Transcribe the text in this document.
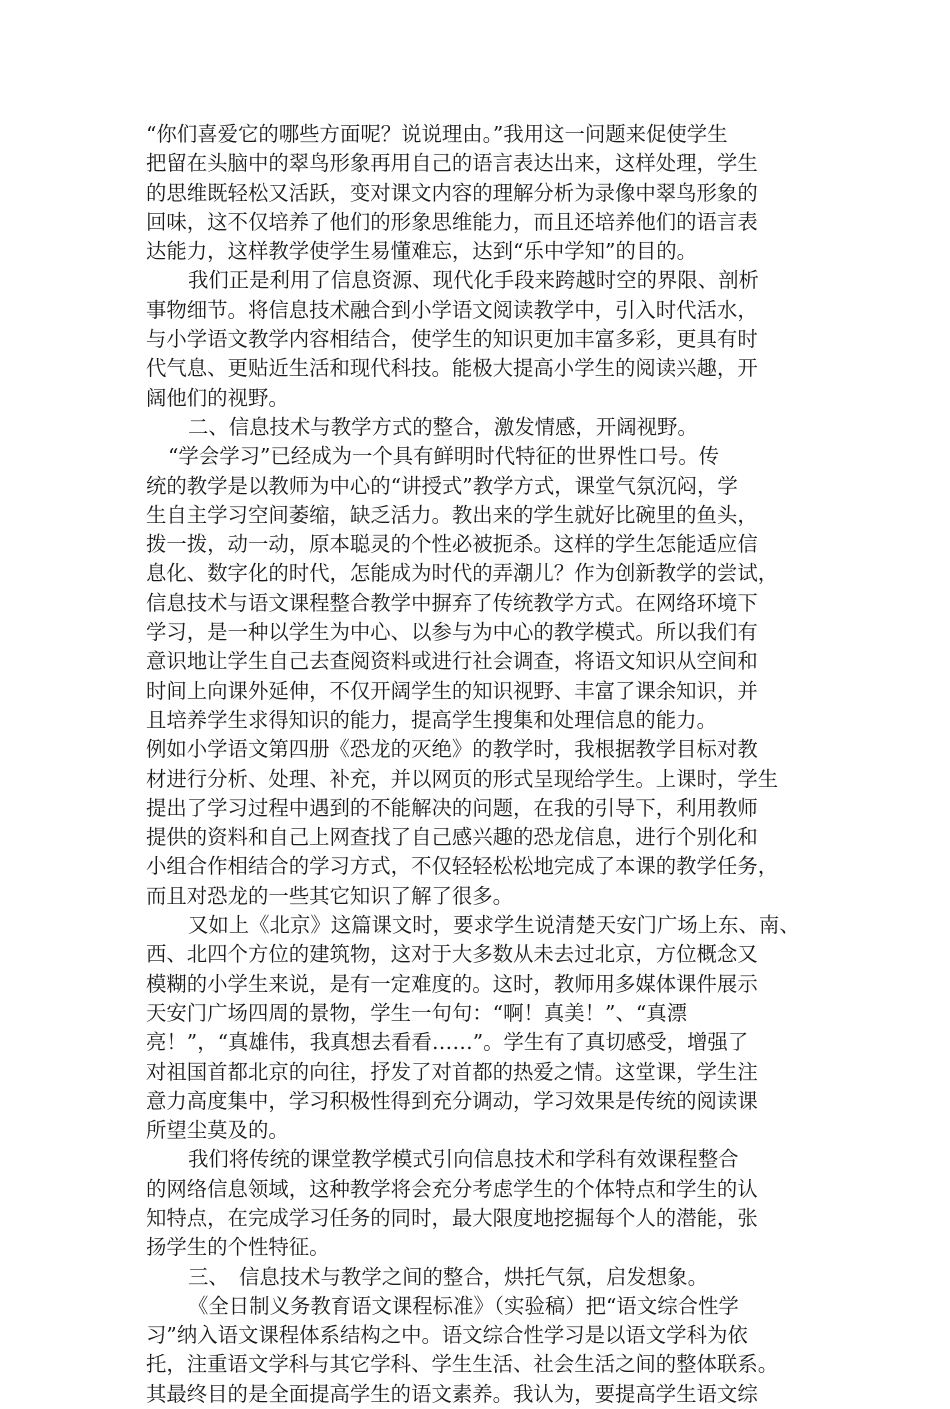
“你们喜爱它的哪些方面呢？说说理由。”我用这一问题来促使学生
把留在头脑中的翠鸟形象再用自己的语言表达出来，这样处理，学生
的思维既轻松又活跃，变对课文内容的理解分析为录像中翠鸟形象的
回味，这不仅培养了他们的形象思维能力，而且还培养他们的语言表
达能力，这样教学使学生易懂难忘，达到“乐中学知”的目的。
我们正是利用了信息资源、现代化手段来跨越时空的界限、剖析
事物细节。将信息技术融合到小学语文阅读教学中，引入时代活水，
与小学语文教学内容相结合，使学生的知识更加丰富多彩，更具有时
代气息、更贴近生活和现代科技。能极大提高小学生的阅读兴趣，开
阔他们的视野。
二、信息技术与教学方式的整合，激发情感，开阔视野。
“学会学习”已经成为一个具有鲜明时代特征的世界性口号。传
统的教学是以教师为中心的“讲授式”教学方式，课堂气氛沉闷，学
生自主学习空间萎缩，缺乏活力。教出来的学生就好比碗里的鱼头，
拨一拨，动一动，原本聪灵的个性必被扼杀。这样的学生怎能适应信
息化、数字化的时代，怎能成为时代的弄潮儿？作为创新教学的尝试，
信息技术与语文课程整合教学中摒弃了传统教学方式。在网络环境下
学习，是一种以学生为中心、以参与为中心的教学模式。所以我们有
意识地让学生自己去查阅资料或进行社会调查，将语文知识从空间和
时间上向课外延伸，不仅开阔学生的知识视野、丰富了课余知识，并
且培养学生求得知识的能力，提高学生搜集和处理信息的能力。
例如小学语文第四册《恐龙的灭绝》的教学时，我根据教学目标对教
材进行分析、处理、补充，并以网页的形式呈现给学生。上课时，学生
提出了学习过程中遇到的不能解决的问题，在我的引导下，利用教师
提供的资料和自己上网查找了自己感兴趣的恐龙信息，进行个别化和
小组合作相结合的学习方式，不仅轻轻松松地完成了本课的教学任务，
而且对恐龙的一些其它知识了解了很多。
又如上《北京》这篇课文时，要求学生说清楚天安门广场上东、南、
西、北四个方位的建筑物，这对于大多数从未去过北京，方位概念又
模糊的小学生来说，是有一定难度的。这时，教师用多媒体课件展示
天安门广场四周的景物，学生一句句：“啊！真美！”、“真漂
亮！”，“真雄伟，我真想去看看……”。学生有了真切感受，增强了
对祖国首都北京的向往，抒发了对首都的热爱之情。这堂课，学生注
意力高度集中，学习积极性得到充分调动，学习效果是传统的阅读课
所望尘莫及的。
我们将传统的课堂教学模式引向信息技术和学科有效课程整合
的网络信息领域，这种教学将会充分考虑学生的个体特点和学生的认
知特点，在完成学习任务的同时，最大限度地挖掘每个人的潜能，张
扬学生的个性特征。
三、　信息技术与教学之间的整合，烘托气氛，启发想象。
《全日制义务教育语文课程标准》（实验稿）把“语文综合性学
习”纳入语文课程体系结构之中。语文综合性学习是以语文学科为依
托，注重语文学科与其它学科、学生生活、社会生活之间的整体联系。
其最终目的是全面提高学生的语文素养。我认为，要提高学生语文综
